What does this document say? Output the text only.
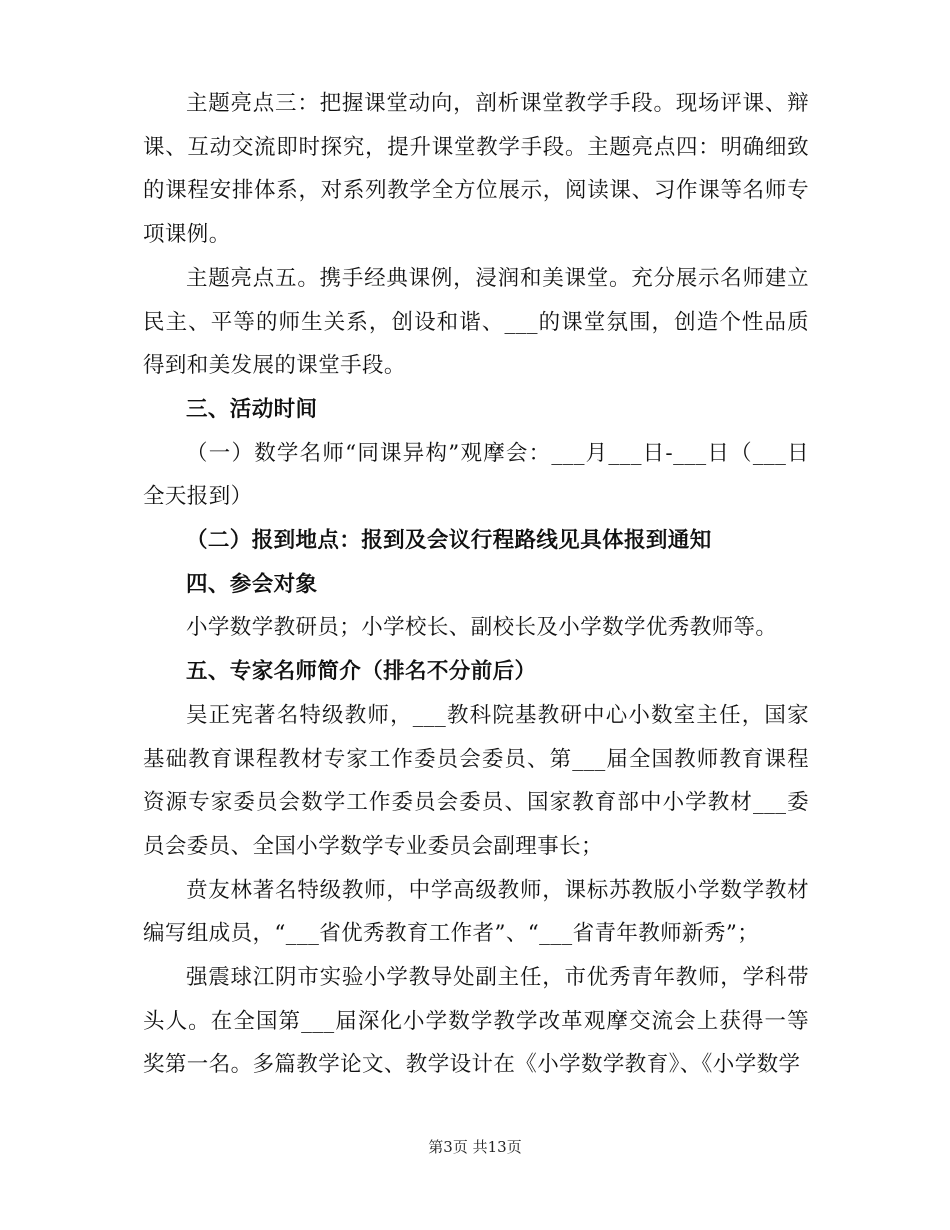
主题亮点三：把握课堂动向，剖析课堂教学手段。现场评课、辩课、互动交流即时探究，提升课堂教学手段。主题亮点四：明确细致的课程安排体系，对系列教学全方位展示，阅读课、习作课等名师专项课例。

主题亮点五。携手经典课例，浸润和美课堂。充分展示名师建立民主、平等的师生关系，创设和谐、___的课堂氛围，创造个性品质得到和美发展的课堂手段。

三、活动时间

（一）数学名师“同课异构”观摩会：___月___日-___日（___日全天报到）

（二）报到地点：报到及会议行程路线见具体报到通知

四、参会对象

小学数学教研员；小学校长、副校长及小学数学优秀教师等。

五、专家名师简介（排名不分前后）

吴正宪著名特级教师，___教科院基教研中心小数室主任，国家基础教育课程教材专家工作委员会委员、第___届全国教师教育课程资源专家委员会数学工作委员会委员、国家教育部中小学教材___委员会委员、全国小学数学专业委员会副理事长；

贲友林著名特级教师，中学高级教师，课标苏教版小学数学教材编写组成员，“___省优秀教育工作者”、“___省青年教师新秀”；

强震球江阴市实验小学教导处副主任，市优秀青年教师，学科带头人。在全国第___届深化小学数学教学改革观摩交流会上获得一等奖第一名。多篇教学论文、教学设计在《小学数学教育》、《小学数学

第3页 共13页
